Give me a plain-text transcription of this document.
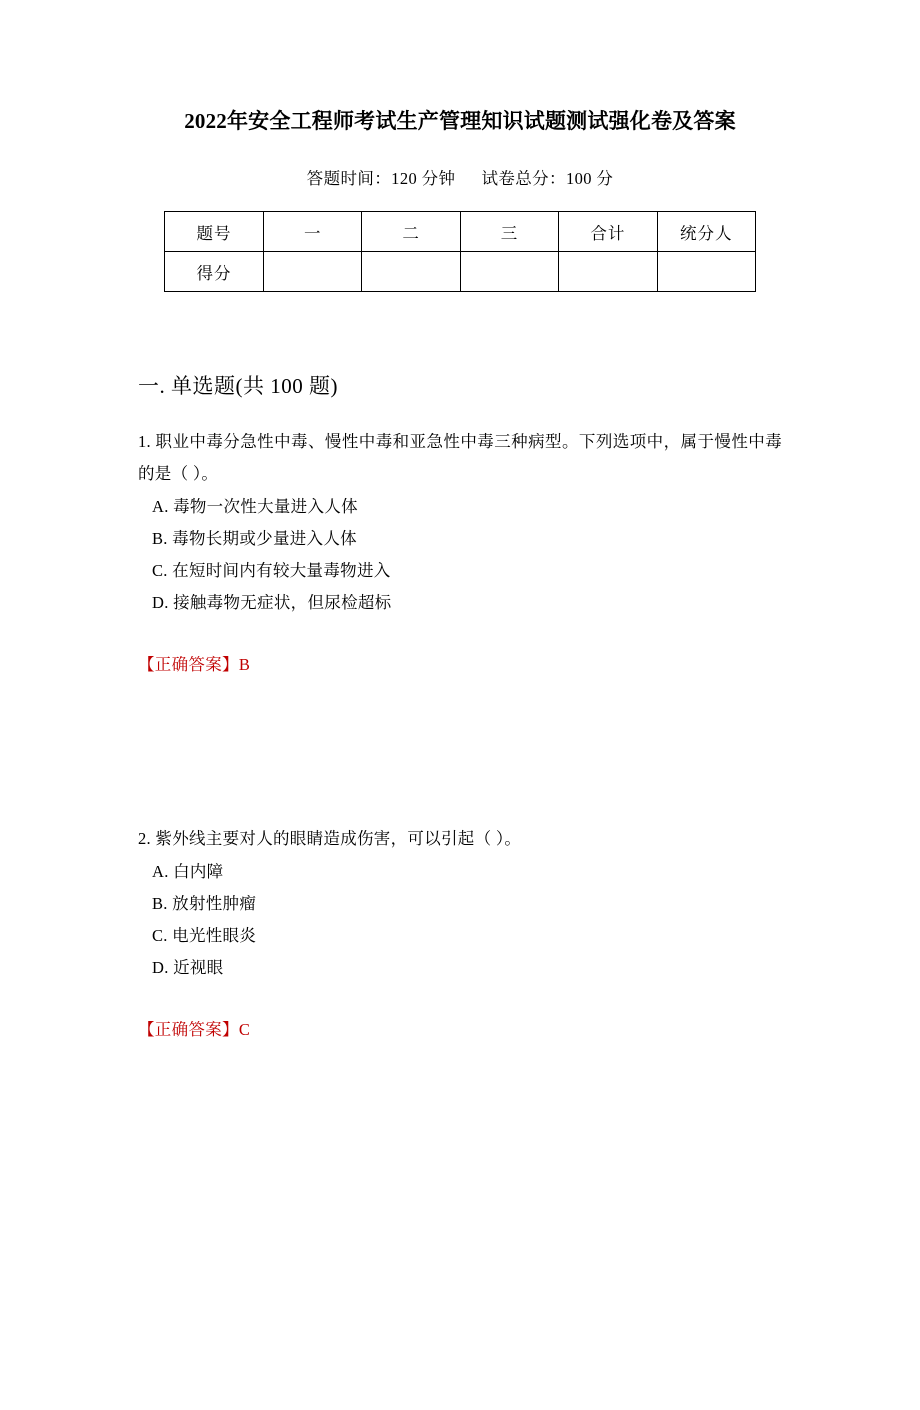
2022年安全工程师考试生产管理知识试题测试强化卷及答案
答题时间：120 分钟 试卷总分：100 分
题号	一	二	三	合计	统分人
得分					
一. 单选题(共 100 题)
1. 职业中毒分急性中毒、慢性中毒和亚急性中毒三种病型。下列选项中，属于慢性中毒的是（ ）。
A. 毒物一次性大量进入人体
B. 毒物长期或少量进入人体
C. 在短时间内有较大量毒物进入
D. 接触毒物无症状，但尿检超标
【正确答案】B
2. 紫外线主要对人的眼睛造成伤害，可以引起（ ）。
A. 白内障
B. 放射性肿瘤
C. 电光性眼炎
D. 近视眼
【正确答案】C
